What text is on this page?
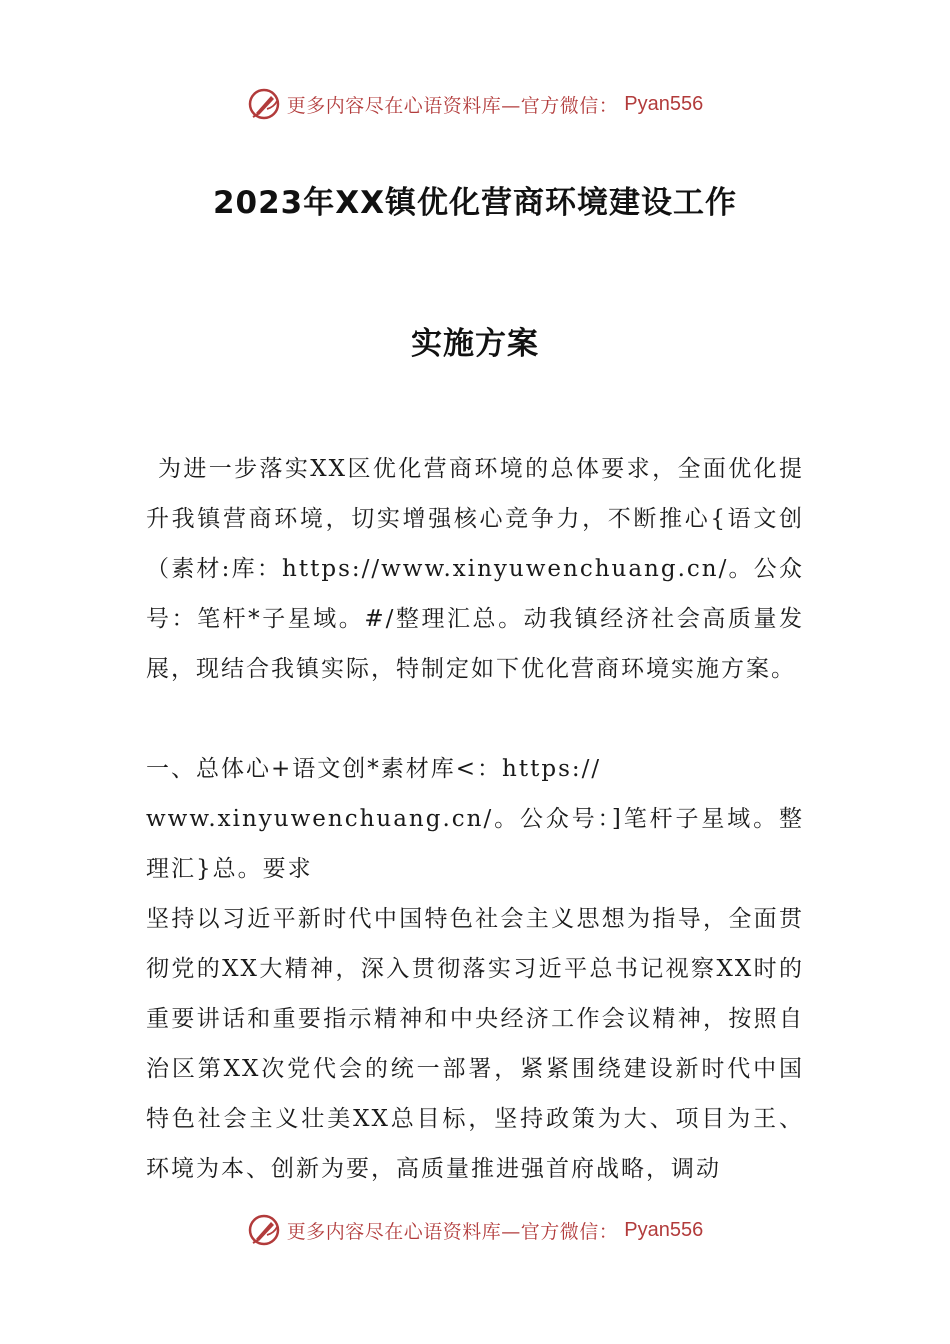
更多内容尽在心语资料库—官方微信： Pyan556
2023年XX镇优化营商环境建设工作
实施方案

为进一步落实XX区优化营商环境的总体要求，全面优化提升我镇营商环境，切实增强核心竞争力，不断推心{语文创（素材:库：https://www.xinyuwenchuang.cn/。公众号：笔杆*子星域。#/整理汇总。动我镇经济社会高质量发展，现结合我镇实际，特制定如下优化营商环境实施方案。

一、总体心+语文创*素材库<：https://

www.xinyuwenchuang.cn/。公众号：]笔杆子星域。整理汇}总。要求

坚持以习近平新时代中国特色社会主义思想为指导，全面贯彻党的XX大精神，深入贯彻落实习近平总书记视察XX时的重要讲话和重要指示精神和中央经济工作会议精神，按照自治区第XX次党代会的统一部署，紧紧围绕建设新时代中国特色社会主义壮美XX总目标，坚持政策为大、项目为王、环境为本、创新为要，高质量推进强首府战略，调动

更多内容尽在心语资料库—官方微信： Pyan556
